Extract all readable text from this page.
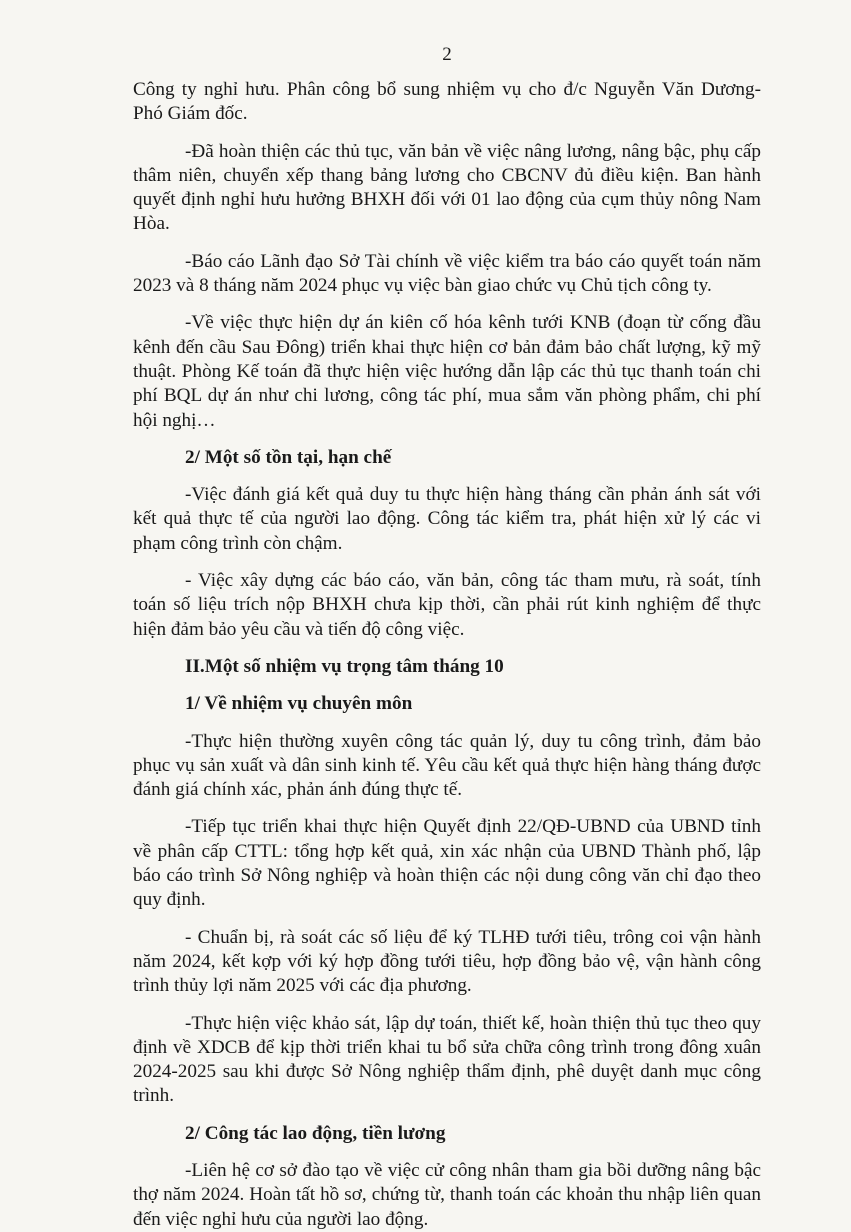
2

Công ty nghỉ hưu. Phân công bổ sung nhiệm vụ cho đ/c Nguyễn Văn Dương- Phó Giám đốc.

-Đã hoàn thiện các thủ tục, văn bản về việc nâng lương, nâng bậc, phụ cấp thâm niên, chuyển xếp thang bảng lương cho CBCNV đủ điều kiện. Ban hành quyết định nghỉ hưu hưởng BHXH đối với 01 lao động của cụm thủy nông Nam Hòa.

-Báo cáo Lãnh đạo Sở Tài chính về việc kiểm tra báo cáo quyết toán năm 2023 và 8 tháng năm 2024 phục vụ việc bàn giao chức vụ Chủ tịch công ty.

-Về việc thực hiện dự án kiên cố hóa kênh tưới KNB (đoạn từ cống đầu kênh đến cầu Sau Đông) triển khai thực hiện cơ bản đảm bảo chất lượng, kỹ mỹ thuật. Phòng Kế toán đã thực hiện việc hướng dẫn lập các thủ tục thanh toán chi phí BQL dự án như chi lương, công tác phí, mua sắm văn phòng phẩm, chi phí hội nghị…

2/ Một số tồn tại, hạn chế

-Việc đánh giá kết quả duy tu thực hiện hàng tháng cần phản ánh sát với kết quả thực tế của người lao động. Công tác kiểm tra, phát hiện xử lý các vi phạm công trình còn chậm.

- Việc xây dựng các báo cáo, văn bản, công tác tham mưu, rà soát, tính toán số liệu trích nộp BHXH chưa kịp thời, cần phải rút kinh nghiệm để thực hiện đảm bảo yêu cầu và tiến độ công việc.

II.Một số nhiệm vụ trọng tâm tháng 10
1/ Về nhiệm vụ chuyên môn

-Thực hiện thường xuyên công tác quản lý, duy tu công trình, đảm bảo phục vụ sản xuất và dân sinh kinh tế. Yêu cầu kết quả thực hiện hàng tháng được đánh giá chính xác, phản ánh đúng thực tế.

-Tiếp tục triển khai thực hiện Quyết định 22/QĐ-UBND của UBND tỉnh về phân cấp CTTL: tổng hợp kết quả, xin xác nhận của UBND Thành phố, lập báo cáo trình Sở Nông nghiệp và hoàn thiện các nội dung công văn chỉ đạo theo quy định.

- Chuẩn bị, rà soát các số liệu để ký TLHĐ tưới tiêu, trông coi vận hành năm 2024, kết kợp với ký hợp đồng tưới tiêu, hợp đồng bảo vệ, vận hành công trình thủy lợi năm 2025 với các địa phương.

-Thực hiện việc khảo sát, lập dự toán, thiết kế, hoàn thiện thủ tục theo quy định về XDCB để kịp thời triển khai tu bổ sửa chữa công trình trong đông xuân 2024-2025 sau khi được Sở Nông nghiệp thẩm định, phê duyệt danh mục công trình.

2/ Công tác lao động, tiền lương

-Liên hệ cơ sở đào tạo về việc cử công nhân tham gia bồi dưỡng nâng bậc thợ năm 2024. Hoàn tất hồ sơ, chứng từ, thanh toán các khoản thu nhập liên quan đến việc nghỉ hưu của người lao động.
